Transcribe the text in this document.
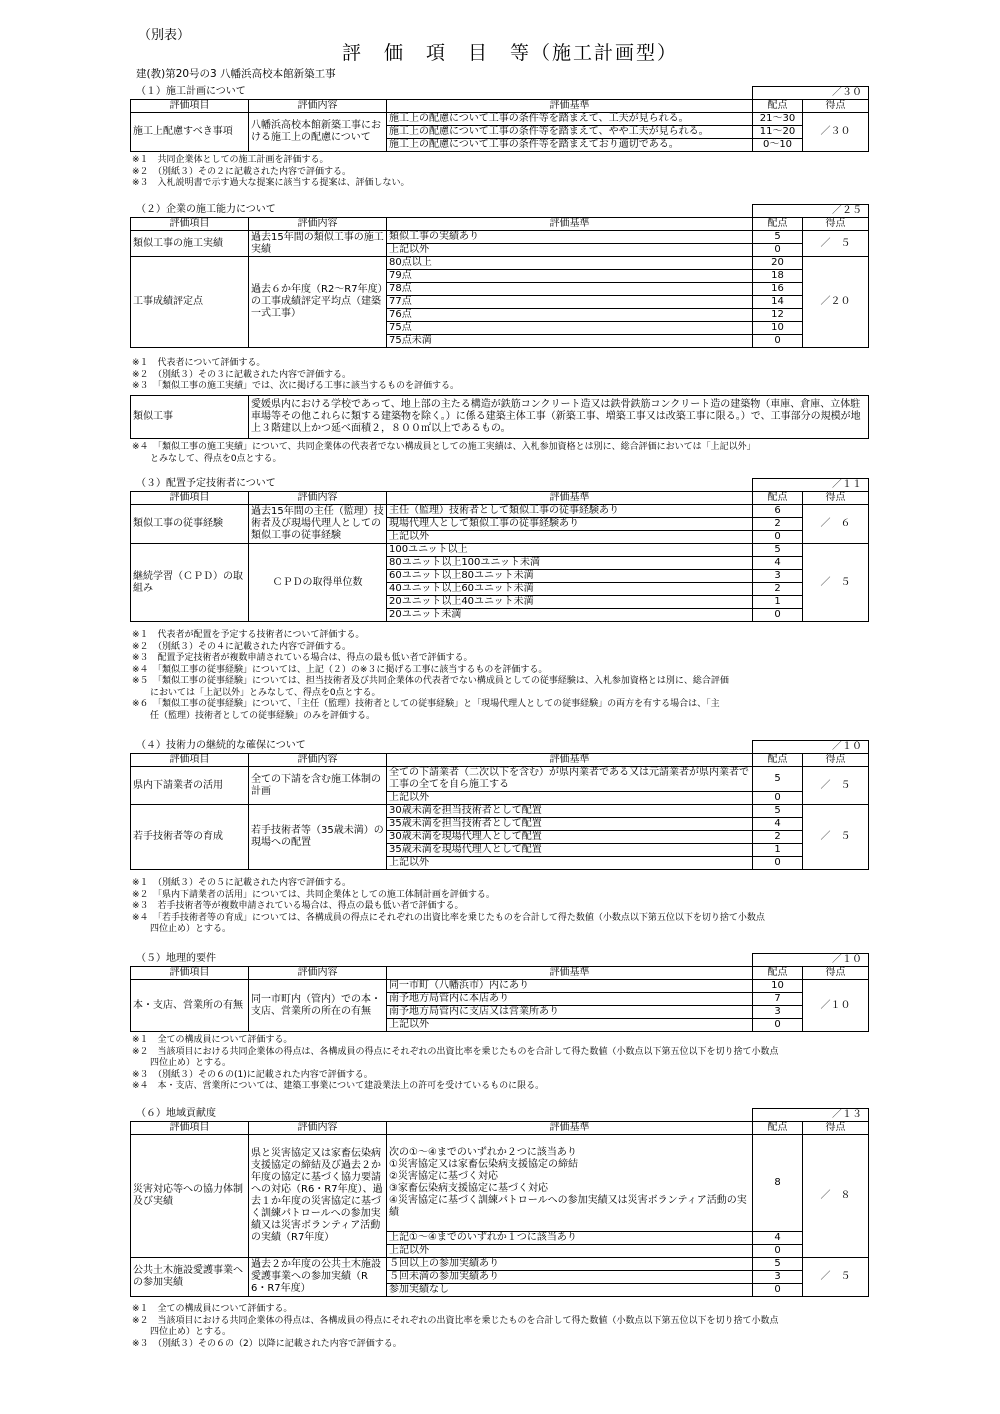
（別表）
評　価　項　目　等（施工計画型）
建(教)第20号の3 八幡浜高校本館新築工事
（１）施工計画について
			／３０	
評価項目	評価内容	評価基準	配点	得点
施工上配慮すべき事項	八幡浜高校本館新築工事における施工上の配慮について	施工上の配慮について工事の条件等を踏まえて、工夫が見られる。	21～30	／３０
		施工上の配慮について工事の条件等を踏まえて、やや工夫が見られる。	11～20	
		施工上の配慮について工事の条件等を踏まえており適切である。	0～10	
※１　共同企業体としての施工計画を評価する。
※２　（別紙３）その２に記載された内容で評価する。
※３　入札説明書で示す過大な提案に該当する提案は、評価しない。
（２）企業の施工能力について
			／２５	
評価項目	評価内容	評価基準	配点	得点
類似工事の施工実績	過去15年間の類似工事の施工実績	類似工事の実績あり	5	／　５
		上記以外	0	
工事成績評定点	過去６か年度（R2～R7年度）の工事成績評定平均点（建築一式工事）	80点以上	20	／２０
		79点	18	
		78点	16	
		77点	14	
		76点	12	
		75点	10	
		75点未満	0	
※１　代表者について評価する。
※２　（別紙３）その３に記載された内容で評価する。
※３　「類似工事の施工実績」では、次に掲げる工事に該当するものを評価する。
類似工事	愛媛県内における学校であって、地上部の主たる構造が鉄筋コンクリート造又は鉄骨鉄筋コンクリート造の建築物（車庫、倉庫、立体駐車場等その他これらに類する建築物を除く。）に係る建築主体工事（新築工事、増築工事又は改築工事に限る。）で、工事部分の規模が地上３階建以上かつ延べ面積２，８００㎡以上であるもの。
※４　「類似工事の施工実績」について、共同企業体の代表者でない構成員としての施工実績は、入札参加資格とは別に、総合評価においては「上記以外」
　　とみなして、得点を0点とする。
（３）配置予定技術者について
			／１１	
評価項目	評価内容	評価基準	配点	得点
類似工事の従事経験	過去15年間の主任（監理）技術者及び現場代理人としての類似工事の従事経験	主任（監理）技術者として類似工事の従事経験あり	6	／　６
		現場代理人として類似工事の従事経験あり	2	
		上記以外	0	
継続学習（ＣＰＤ）の取組み	ＣＰＤの取得単位数	100ユニット以上	5	／　５
		80ユニット以上100ユニット未満	4	
		60ユニット以上80ユニット未満	3	
		40ユニット以上60ユニット未満	2	
		20ユニット以上40ユニット未満	1	
		20ユニット未満	0	
※１　代表者が配置を予定する技術者について評価する。
※２　（別紙３）その４に記載された内容で評価する。
※３　配置予定技術者が複数申請されている場合は、得点の最も低い者で評価する。
※４　「類似工事の従事経験」については、上記（２）の※３に掲げる工事に該当するものを評価する。
※５　「類似工事の従事経験」については、担当技術者及び共同企業体の代表者でない構成員としての従事経験は、入札参加資格とは別に、総合評価
　　においては「上記以外」とみなして、得点を0点とする。
※６　「類似工事の従事経験」について、「主任（監理）技術者としての従事経験」と「現場代理人としての従事経験」の両方を有する場合は、「主
　　任（監理）技術者としての従事経験」のみを評価する。
（４）技術力の継続的な確保について
			／１０	
評価項目	評価内容	評価基準	配点	得点
県内下請業者の活用	全ての下請を含む施工体制の計画	全ての下請業者（二次以下を含む）が県内業者である又は元請業者が県内業者で工事の全てを自ら施工する	5	／　５
		上記以外	0	
若手技術者等の育成	若手技術者等（35歳未満）の現場への配置	30歳未満を担当技術者として配置	5	／　５
		35歳未満を担当技術者として配置	4	
		30歳未満を現場代理人として配置	2	
		35歳未満を現場代理人として配置	1	
		上記以外	0	
※１　（別紙３）その５に記載された内容で評価する。
※２　「県内下請業者の活用」については、共同企業体としての施工体制計画を評価する。
※３　若手技術者等が複数申請されている場合は、得点の最も低い者で評価する。
※４　「若手技術者等の育成」については、各構成員の得点にそれぞれの出資比率を乗じたものを合計して得た数値（小数点以下第五位以下を切り捨て小数点
　　四位止め）とする。
（５）地理的要件
			／１０	
評価項目	評価内容	評価基準	配点	得点
本・支店、営業所の有無	同一市町内（管内）での本・支店、営業所の所在の有無	同一市町（八幡浜市）内にあり	10	／１０
		南予地方局管内に本店あり	7	
		南予地方局管内に支店又は営業所あり	3	
		上記以外	0	
※１　全ての構成員について評価する。
※２　当該項目における共同企業体の得点は、各構成員の得点にそれぞれの出資比率を乗じたものを合計して得た数値（小数点以下第五位以下を切り捨て小数点
　　四位止め）とする。
※３　（別紙３）その６の(1)に記載された内容で評価する。
※４　本・支店、営業所については、建築工事業について建設業法上の許可を受けているものに限る。
（６）地域貢献度
			／１３	
評価項目	評価内容	評価基準	配点	得点
災害対応等への協力体制及び実績	県と災害協定又は家畜伝染病支援協定の締結及び過去２か年度の協定に基づく協力要請への対応（R6・R7年度）、過去１か年度の災害協定に基づく訓練パトロールへの参加実績又は災害ボランティア活動の実績（R7年度）	次の①～④までのいずれか２つに該当あり
①災害協定又は家畜伝染病支援協定の締結
②災害協定に基づく対応
③家畜伝染病支援協定に基づく対応
④災害協定に基づく訓練パトロールへの参加実績又は災害ボランティア活動の実績	8	／　８
		上記①～④までのいずれか１つに該当あり	4	
		上記以外	0	
公共土木施設愛護事業への参加実績	過去２か年度の公共土木施設愛護事業への参加実績（R6・R7年度）	５回以上の参加実績あり	5	／　５
		５回未満の参加実績あり	3	
		参加実績なし	0	
※１　全ての構成員について評価する。
※２　当該項目における共同企業体の得点は、各構成員の得点にそれぞれの出資比率を乗じたものを合計して得た数値（小数点以下第五位以下を切り捨て小数点
　　四位止め）とする。
※３　（別紙３）その６の（2）以降に記載された内容で評価する。
